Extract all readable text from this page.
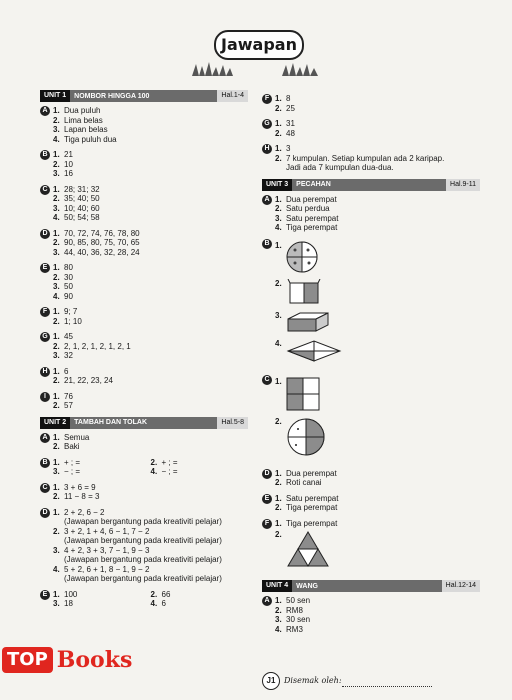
Jawapan
UNIT 1	NOMBOR HINGGA 100	Hal.1-4
A 1. Dua puluh
2. Lima belas
3. Lapan belas
4. Tiga puluh dua
B 1. 21
2. 10
3. 16
C 1. 28; 31; 32
2. 35; 40; 50
3. 10; 40; 60
4. 50; 54; 58
D 1. 70, 72, 74, 76, 78, 80
2. 90, 85, 80, 75, 70, 65
3. 44, 40, 36, 32, 28, 24
E 1. 80
2. 30
3. 50
4. 90
F 1. 9; 7
2. 1; 10
G 1. 45
2. 2, 1, 2, 1, 2, 1, 2, 1
3. 32
H 1. 6
2. 21, 22, 23, 24
I 1. 76
2. 57
UNIT 2	TAMBAH DAN TOLAK	Hal.5-8
A 1. Semua
2. Baki
B 1. + ; =	2. + ; =
3. − ; =	4. − ; =
C 1. 3 + 6 = 9
2. 11 − 8 = 3
D 1. 2 + 2, 6 − 2
(Jawapan bergantung pada kreativiti pelajar)
2. 3 + 2, 1 + 4, 6 − 1, 7 − 2
(Jawapan bergantung pada kreativiti pelajar)
3. 4 + 2, 3 + 3, 7 − 1, 9 − 3
(Jawapan bergantung pada kreativiti pelajar)
4. 5 + 2, 6 + 1, 8 − 1, 9 − 2
(Jawapan bergantung pada kreativiti pelajar)
E 1. 100	2. 66
3. 18	4. 6
F 1. 8
2. 25
G 1. 31
2. 48
H 1. 3
2. 7 kumpulan. Setiap kumpulan ada 2 karipap.
Jadi ada 7 kumpulan dua-dua.
UNIT 3	PECAHAN	Hal.9-11
A 1. Dua perempat
2. Satu perdua
3. Satu perempat
4. Tiga perempat
B 1.
2.
3.
4.
C 1.
2.
D 1. Dua perempat
2. Roti canai
E 1. Satu perempat
2. Tiga perempat
F 1. Tiga perempat
2.
UNIT 4	WANG	Hal.12-14
A 1. 50 sen
2. RM8
3. 30 sen
4. RM3
J1	Disemak oleh:
TOP Books
